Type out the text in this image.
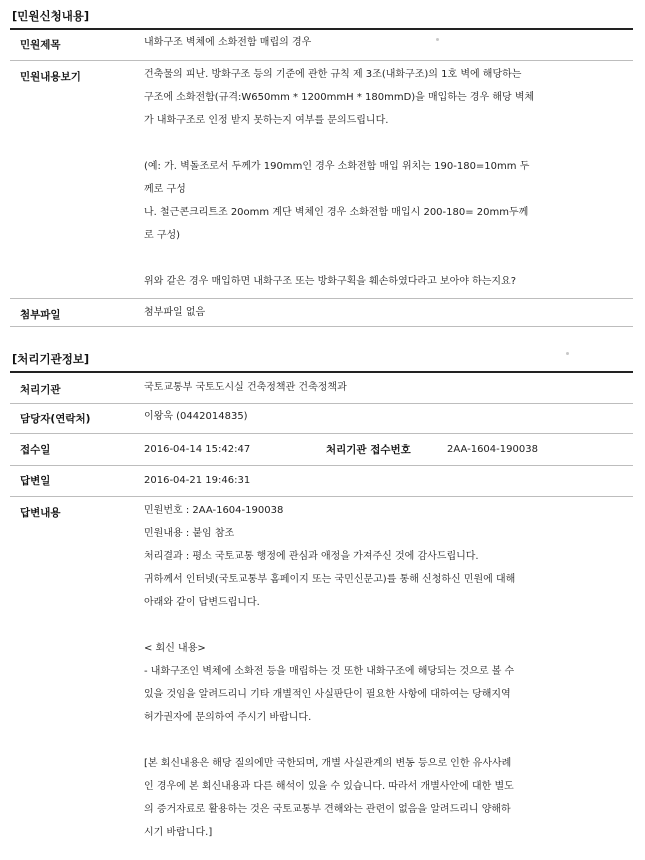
[민원신청내용]
민원제목	내화구조 벽체에 소화전함 매립의 경우
민원내용보기	건축물의 피난. 방화구조 등의 기준에 관한 규칙 제 3조(내화구조)의 1호 벽에 해당하는
구조에 소화전함(규격:W650mm * 1200mmH * 180mmD)을 매입하는 경우 해당 벽체
가 내화구조로 인정 받지 못하는지 여부를 문의드립니다.

(예: 가. 벽돌조로서 두께가 190mm인 경우 소화전함 매입 위치는 190-180=10mm 두
께로 구성
나. 철근콘크리트조 20omm 계단 벽체인 경우 소화전함 매입시 200-180= 20mm두께
로 구성)

위와 같은 경우 매입하면 내화구조 또는 방화구획을 훼손하였다라고 보아야 하는지요?
첨부파일	첨부파일 없음
[처리기관정보]
처리기관	국토교통부 국토도시실 건축정책관 건축정책과
담당자(연락처)	이왕욱 (0442014835)
접수일	2016-04-14 15:42:47	처리기관 접수번호	2AA-1604-190038
답변일	2016-04-21 19:46:31
답변내용	민원번호 : 2AA-1604-190038
민원내용 : 붙임 참조
처리결과 : 평소 국토교통 행정에 관심과 애정을 가져주신 것에 감사드립니다.
귀하께서 인터넷(국토교통부 홈페이지 또는 국민신문고)를 통해 신청하신 민원에 대해
아래와 같이 답변드립니다.

< 회신 내용>
- 내화구조인 벽체에 소화전 등을 매립하는 것 또한 내화구조에 해당되는 것으로 볼 수
있을 것임을 알려드리니 기타 개별적인 사실판단이 필요한 사항에 대하여는 당해지역
허가권자에 문의하여 주시기 바랍니다.

[본 회신내용은 해당 질의에만 국한되며, 개별 사실관계의 변동 등으로 인한 유사사례
인 경우에 본 회신내용과 다른 해석이 있을 수 있습니다. 따라서 개별사안에 대한 별도
의 증거자료로 활용하는 것은 국토교통부 견해와는 관련이 없음을 알려드리니 양해하
시기 바랍니다.]
